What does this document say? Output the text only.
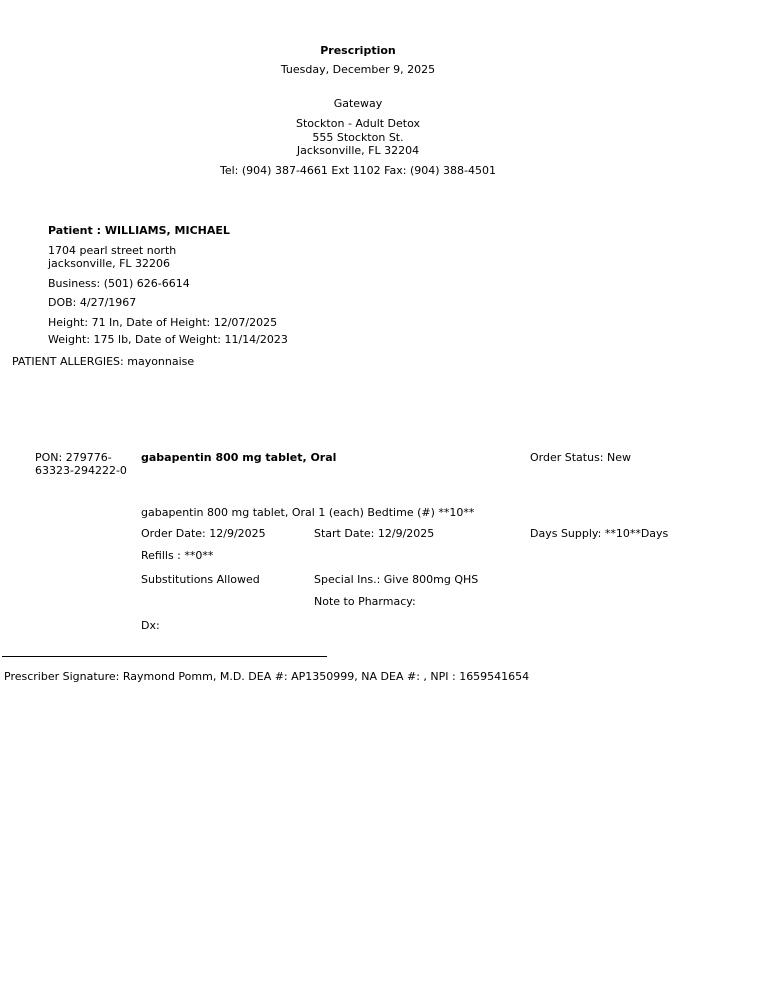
Prescription
Tuesday, December 9, 2025
Gateway
Stockton - Adult Detox
555 Stockton St.
Jacksonville, FL 32204
Tel: (904) 387-4661 Ext 1102 Fax: (904) 388-4501
Patient : WILLIAMS, MICHAEL
1704 pearl street north
jacksonville, FL 32206
Business: (501) 626-6614
DOB: 4/27/1967
Height: 71 In, Date of Height: 12/07/2025
Weight: 175 lb, Date of Weight: 11/14/2023
PATIENT ALLERGIES: mayonnaise
PON: 279776-
63323-294222-0
gabapentin 800 mg tablet, Oral	Order Status: New
gabapentin 800 mg tablet, Oral 1 (each) Bedtime (#) **10**
Order Date: 12/9/2025	Start Date: 12/9/2025	Days Supply: **10**Days
Refills : **0**
Substitutions Allowed	Special Ins.: Give 800mg QHS
Note to Pharmacy:
Dx:
Prescriber Signature: Raymond Pomm, M.D. DEA #: AP1350999, NA DEA #: , NPI : 1659541654
